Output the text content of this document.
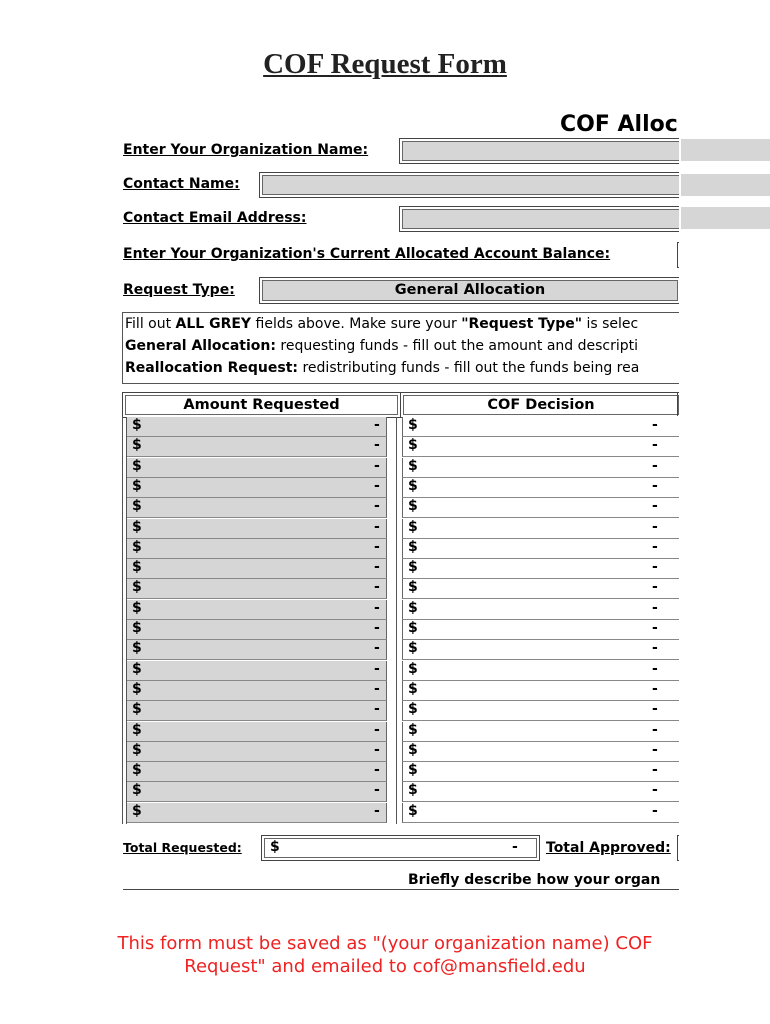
COF Request Form
COF Alloc
Enter Your Organization Name:
Contact Name:
Contact Email Address:
Enter Your Organization's Current Allocated Account Balance:
Request Type:	General Allocation
Fill out ALL GREY fields above. Make sure your "Request Type" is selec
General Allocation: requesting funds - fill out the amount and descripti
Reallocation Request: redistributing funds - fill out the funds being rea
Amount Requested	COF Decision
$	- $	-
$	- $	-
$	- $	-
$	- $	-
$	- $	-
$	- $	-
$	- $	-
$	- $	-
$	- $	-
$	- $	-
$	- $	-
$	- $	-
$	- $	-
$	- $	-
$	- $	-
$	- $	-
$	- $	-
$	- $	-
$	- $	-
$	- $	-
Total Requested: $	- Total Approved:
Briefly describe how your organ
This form must be saved as "(your organization name) COF
Request" and emailed to cof@mansfield.edu
